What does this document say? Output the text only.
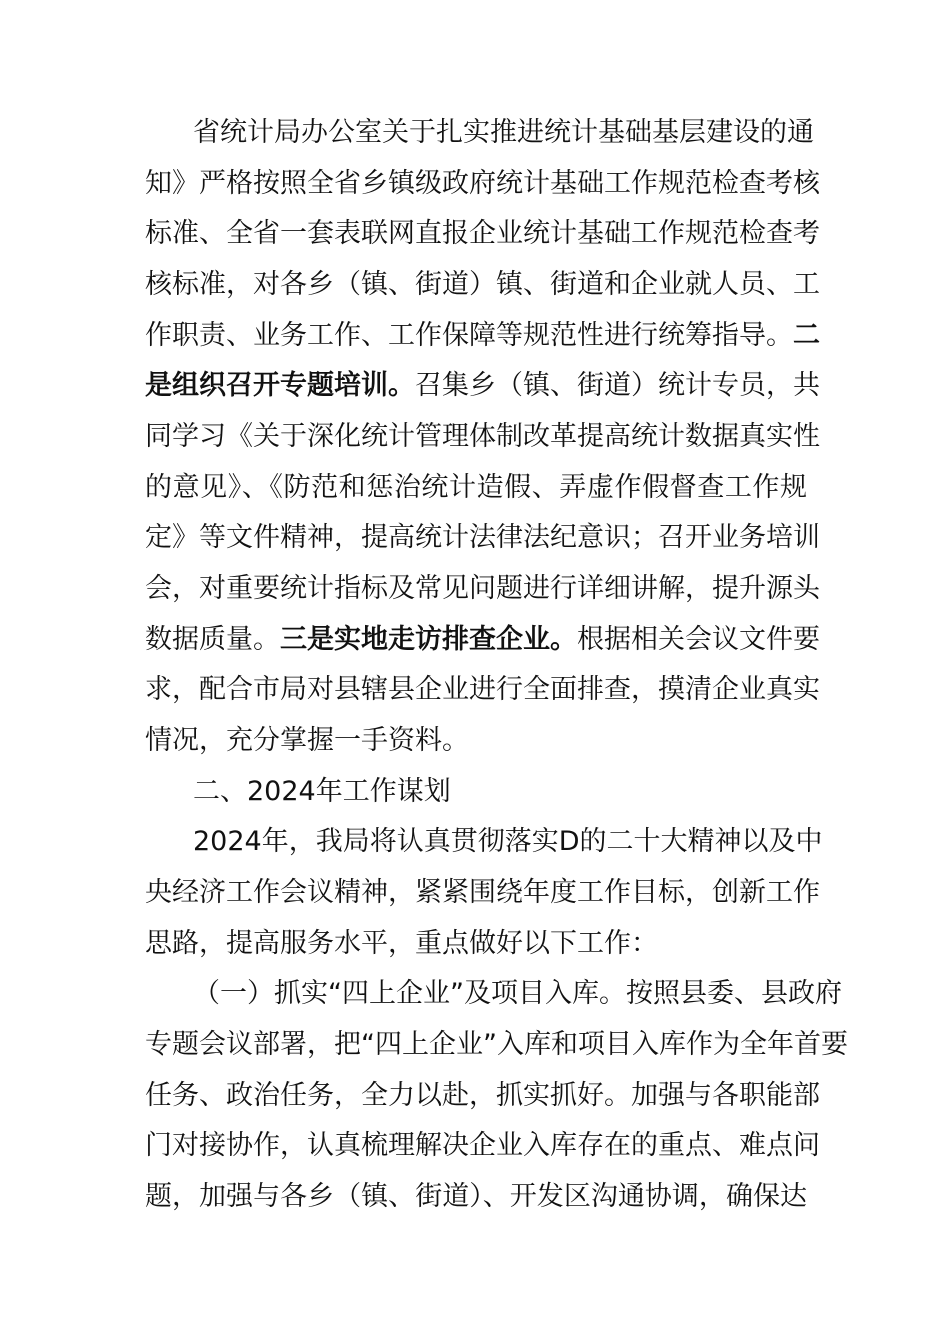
省统计局办公室关于扎实推进统计基础基层建设的通
知》严格按照全省乡镇级政府统计基础工作规范检查考核
标准、全省一套表联网直报企业统计基础工作规范检查考
核标准，对各乡（镇、街道）镇、街道和企业就人员、工
作职责、业务工作、工作保障等规范性进行统筹指导。二
是组织召开专题培训。召集乡（镇、街道）统计专员，共
同学习《关于深化统计管理体制改革提高统计数据真实性
的意见》、《防范和惩治统计造假、弄虚作假督查工作规
定》等文件精神，提高统计法律法纪意识；召开业务培训
会，对重要统计指标及常见问题进行详细讲解，提升源头
数据质量。三是实地走访排查企业。根据相关会议文件要
求，配合市局对县辖县企业进行全面排查，摸清企业真实
情况，充分掌握一手资料。
二、2024年工作谋划
2024年，我局将认真贯彻落实D的二十大精神以及中
央经济工作会议精神，紧紧围绕年度工作目标，创新工作
思路，提高服务水平，重点做好以下工作：
（一）抓实“四上企业”及项目入库。按照县委、县政府
专题会议部署，把“四上企业”入库和项目入库作为全年首要
任务、政治任务，全力以赴，抓实抓好。加强与各职能部
门对接协作，认真梳理解决企业入库存在的重点、难点问
题，加强与各乡（镇、街道）、开发区沟通协调，确保达
